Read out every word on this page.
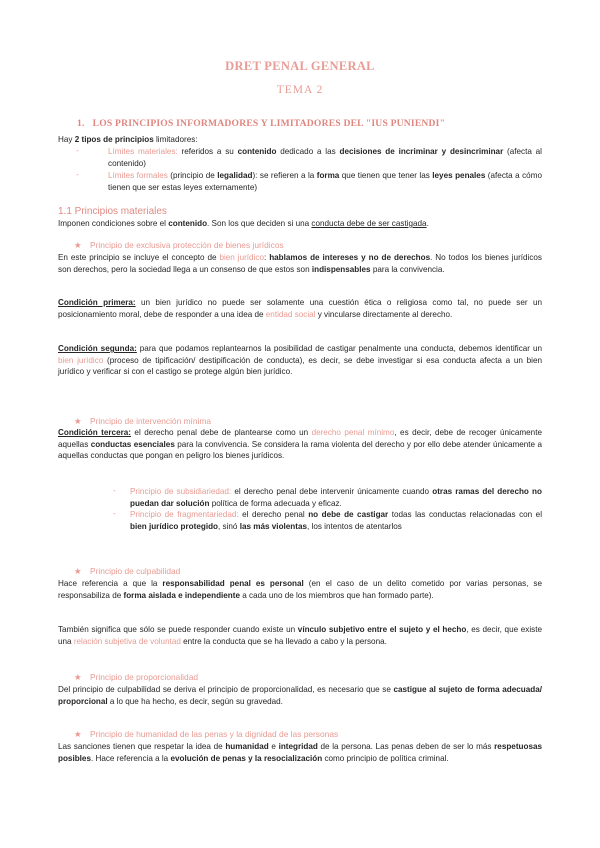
DRET PENAL GENERAL
TEMA 2
1. LOS PRINCIPIOS INFORMADORES Y LIMITADORES DEL "IUS PUNIENDI"
Hay 2 tipos de principios limitadores:
-	Límites materiales: referidos a su contenido dedicado a las decisiones de incriminar y desincriminar (afecta al contenido)
-	Límites formales (principio de legalidad): se refieren a la forma que tienen que tener las leyes penales (afecta a cómo tienen que ser estas leyes externamente)
1.1 Principios materiales
Imponen condiciones sobre el contenido. Son los que deciden si una conducta debe de ser castigada.
★ Principio de exclusiva protección de bienes jurídicos
En este principio se incluye el concepto de bien jurídico: hablamos de intereses y no de derechos. No todos los bienes jurídicos son derechos, pero la sociedad llega a un consenso de que estos son indispensables para la convivencia.
Condición primera: un bien jurídico no puede ser solamente una cuestión ética o religiosa como tal, no puede ser un posicionamiento moral, debe de responder a una idea de entidad social y vincularse directamente al derecho.
Condición segunda: para que podamos replantearnos la posibilidad de castigar penalmente una conducta, debemos identificar un bien jurídico (proceso de tipificación/ destipificación de conducta), es decir, se debe investigar si esa conducta afecta a un bien jurídico y verificar si con el castigo se protege algún bien jurídico.
★ Principio de intervención mínima
Condición tercera: el derecho penal debe de plantearse como un derecho penal mínimo, es decir, debe de recoger únicamente aquellas conductas esenciales para la convivencia. Se considera la rama violenta del derecho y por ello debe atender únicamente a aquellas conductas que pongan en peligro los bienes jurídicos.
- Principio de subsidiariedad: el derecho penal debe intervenir únicamente cuando otras ramas del derecho no puedan dar solución política de forma adecuada y eficaz.
- Principio de fragmentariedad: el derecho penal no debe de castigar todas las conductas relacionadas con el bien jurídico protegido, sinó las más violentas, los intentos de atentarlos
★ Principio de culpabilidad
Hace referencia a que la responsabilidad penal es personal (en el caso de un delito cometido por varias personas, se responsabiliza de forma aislada e independiente a cada uno de los miembros que han formado parte).
También significa que sólo se puede responder cuando existe un vínculo subjetivo entre el sujeto y el hecho, es decir, que existe una relación subjetiva de voluntad entre la conducta que se ha llevado a cabo y la persona.
★ Principio de proporcionalidad
Del principio de culpabilidad se deriva el principio de proporcionalidad, es necesario que se castigue al sujeto de forma adecuada/ proporcional a lo que ha hecho, es decir, según su gravedad.
★ Principio de humanidad de las penas y la dignidad de las personas
Las sanciones tienen que respetar la idea de humanidad e integridad de la persona. Las penas deben de ser lo más respetuosas posibles. Hace referencia a la evolución de penas y la resocialización como principio de política criminal.
